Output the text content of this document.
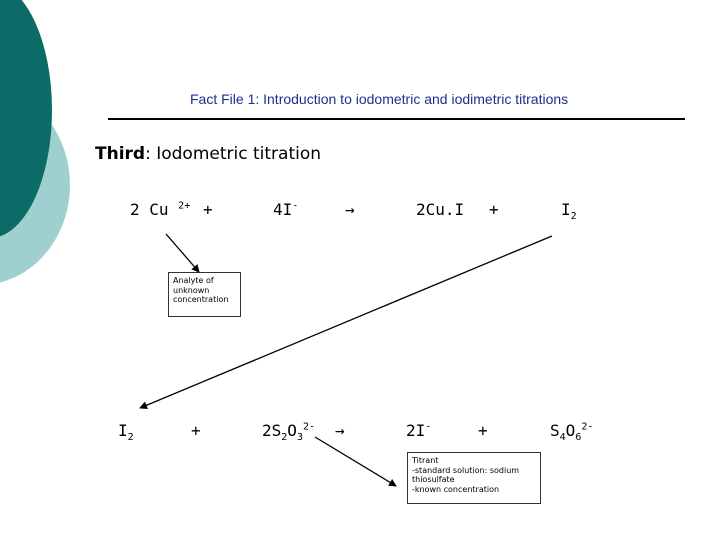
Fact File 1: Introduction to iodometric and iodimetric titrations
Third: Iodometric titration
2 Cu $^{2+}$ +	4I-	→	2Cu.I +	$I_2$
$I_2$	+	$2S_2O_3^{2-}$ →	2I-	+	$S_4O_6^{2-}$
Analyte of
unknown
concentration
Titrant
-standard solution: sodium
thiosulfate
-known concentration
